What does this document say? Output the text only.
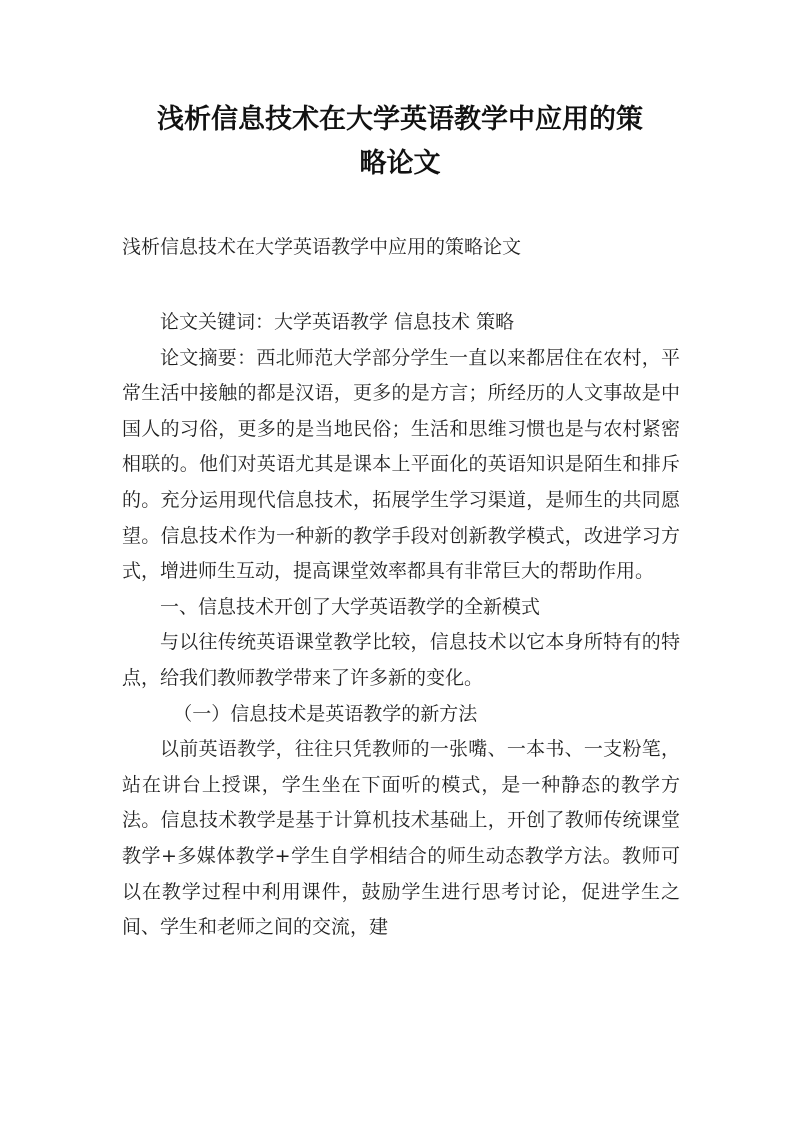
浅析信息技术在大学英语教学中应用的策
略论文

浅析信息技术在大学英语教学中应用的策略论文

论文关键词：大学英语教学 信息技术 策略

论文摘要：西北师范大学部分学生一直以来都居住在农村，平常生活中接触的都是汉语，更多的是方言；所经历的人文事故是中国人的习俗，更多的是当地民俗；生活和思维习惯也是与农村紧密相联的。他们对英语尤其是课本上平面化的英语知识是陌生和排斥的。充分运用现代信息技术，拓展学生学习渠道，是师生的共同愿望。信息技术作为一种新的教学手段对创新教学模式，改进学习方式，增进师生互动，提高课堂效率都具有非常巨大的帮助作用。

一、信息技术开创了大学英语教学的全新模式

与以往传统英语课堂教学比较，信息技术以它本身所特有的特点，给我们教师教学带来了许多新的变化。

（一）信息技术是英语教学的新方法

以前英语教学，往往只凭教师的一张嘴、一本书、一支粉笔，站在讲台上授课，学生坐在下面听的模式，是一种静态的教学方法。信息技术教学是基于计算机技术基础上，开创了教师传统课堂教学+多媒体教学+学生自学相结合的师生动态教学方法。教师可以在教学过程中利用课件，鼓励学生进行思考讨论，促进学生之间、学生和老师之间的交流，建
